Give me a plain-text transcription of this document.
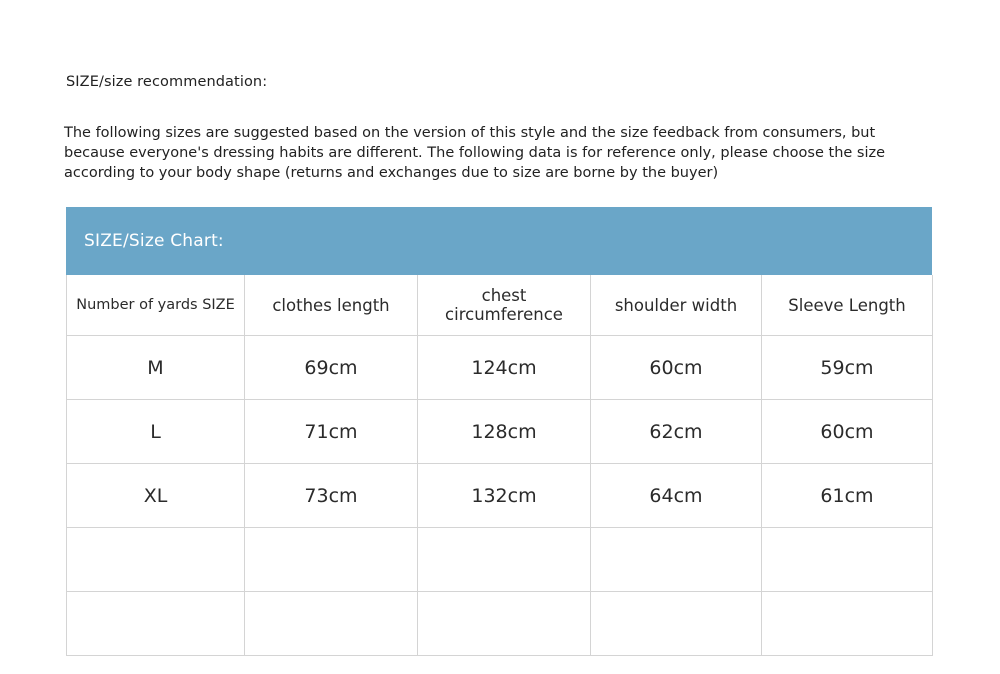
SIZE/size recommendation:

The following sizes are suggested based on the version of this style and the size feedback from consumers, but because everyone's dressing habits are different. The following data is for reference only, please choose the size according to your body shape (returns and exchanges due to size are borne by the buyer)

SIZE/Size Chart:
Number of yards SIZE	clothes length	chest circumference	shoulder width	Sleeve Length
M	69cm	124cm	60cm	59cm
L	71cm	128cm	62cm	60cm
XL	73cm	132cm	64cm	61cm
